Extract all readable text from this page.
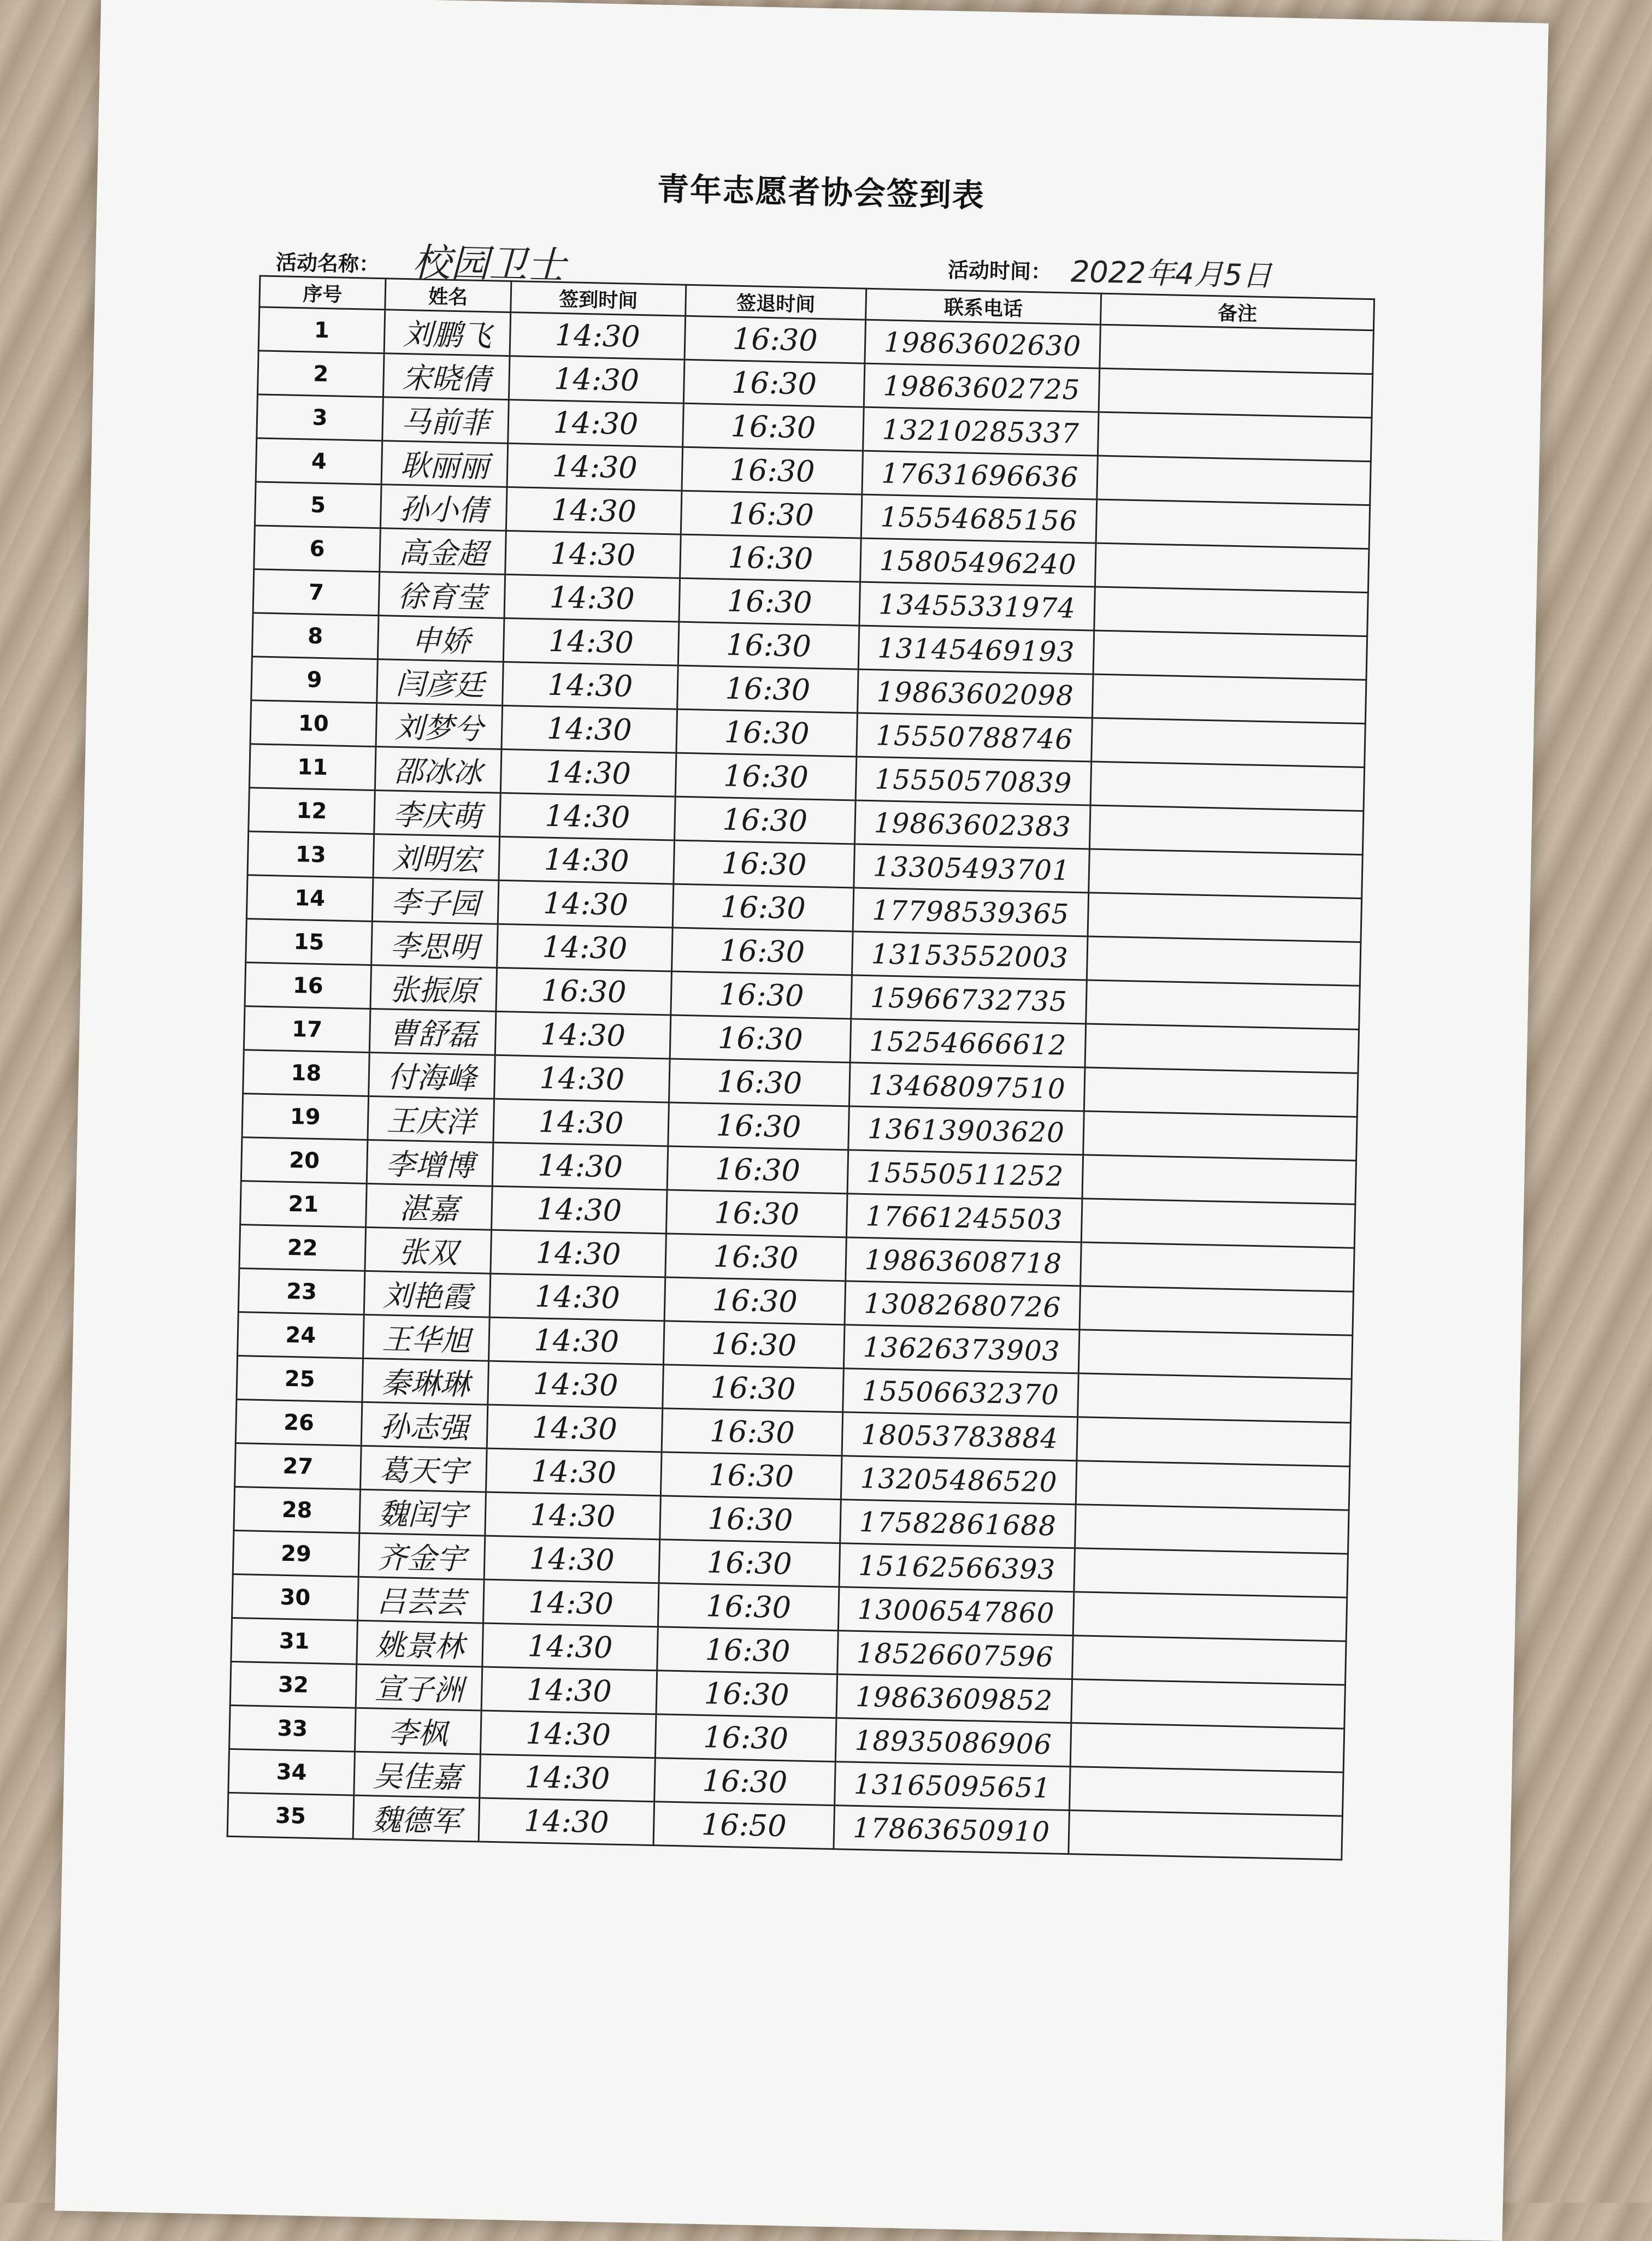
青年志愿者协会签到表
活动名称： 校园卫士	活动时间： 2022年4月5日
序号	姓名	签到时间	签退时间	联系电话	备注
1	刘鹏飞	14:30	16:30	19863602630	
2	宋晓倩	14:30	16:30	19863602725	
3	马前菲	14:30	16:30	13210285337	
4	耿丽丽	14:30	16:30	17631696636	
5	孙小倩	14:30	16:30	15554685156	
6	高金超	14:30	16:30	15805496240	
7	徐育莹	14:30	16:30	13455331974	
8	申娇	14:30	16:30	13145469193	
9	闫彦廷	14:30	16:30	19863602098	
10	刘梦兮	14:30	16:30	15550788746	
11	邵冰冰	14:30	16:30	15550570839	
12	李庆萌	14:30	16:30	19863602383	
13	刘明宏	14:30	16:30	13305493701	
14	李子园	14:30	16:30	17798539365	
15	李思明	14:30	16:30	13153552003	
16	张振原	16:30	16:30	15966732735	
17	曹舒磊	14:30	16:30	15254666612	
18	付海峰	14:30	16:30	13468097510	
19	王庆洋	14:30	16:30	13613903620	
20	李增博	14:30	16:30	15550511252	
21	湛嘉	14:30	16:30	17661245503	
22	张双	14:30	16:30	19863608718	
23	刘艳霞	14:30	16:30	13082680726	
24	王华旭	14:30	16:30	13626373903	
25	秦琳琳	14:30	16:30	15506632370	
26	孙志强	14:30	16:30	18053783884	
27	葛天宇	14:30	16:30	13205486520	
28	魏闰宇	14:30	16:30	17582861688	
29	齐金宇	14:30	16:30	15162566393	
30	吕芸芸	14:30	16:30	13006547860	
31	姚景林	14:30	16:30	18526607596	
32	宣子洲	14:30	16:30	19863609852	
33	李枫	14:30	16:30	18935086906	
34	吴佳嘉	14:30	16:30	13165095651	
35	魏德军	14:30	16:50	17863650910	
